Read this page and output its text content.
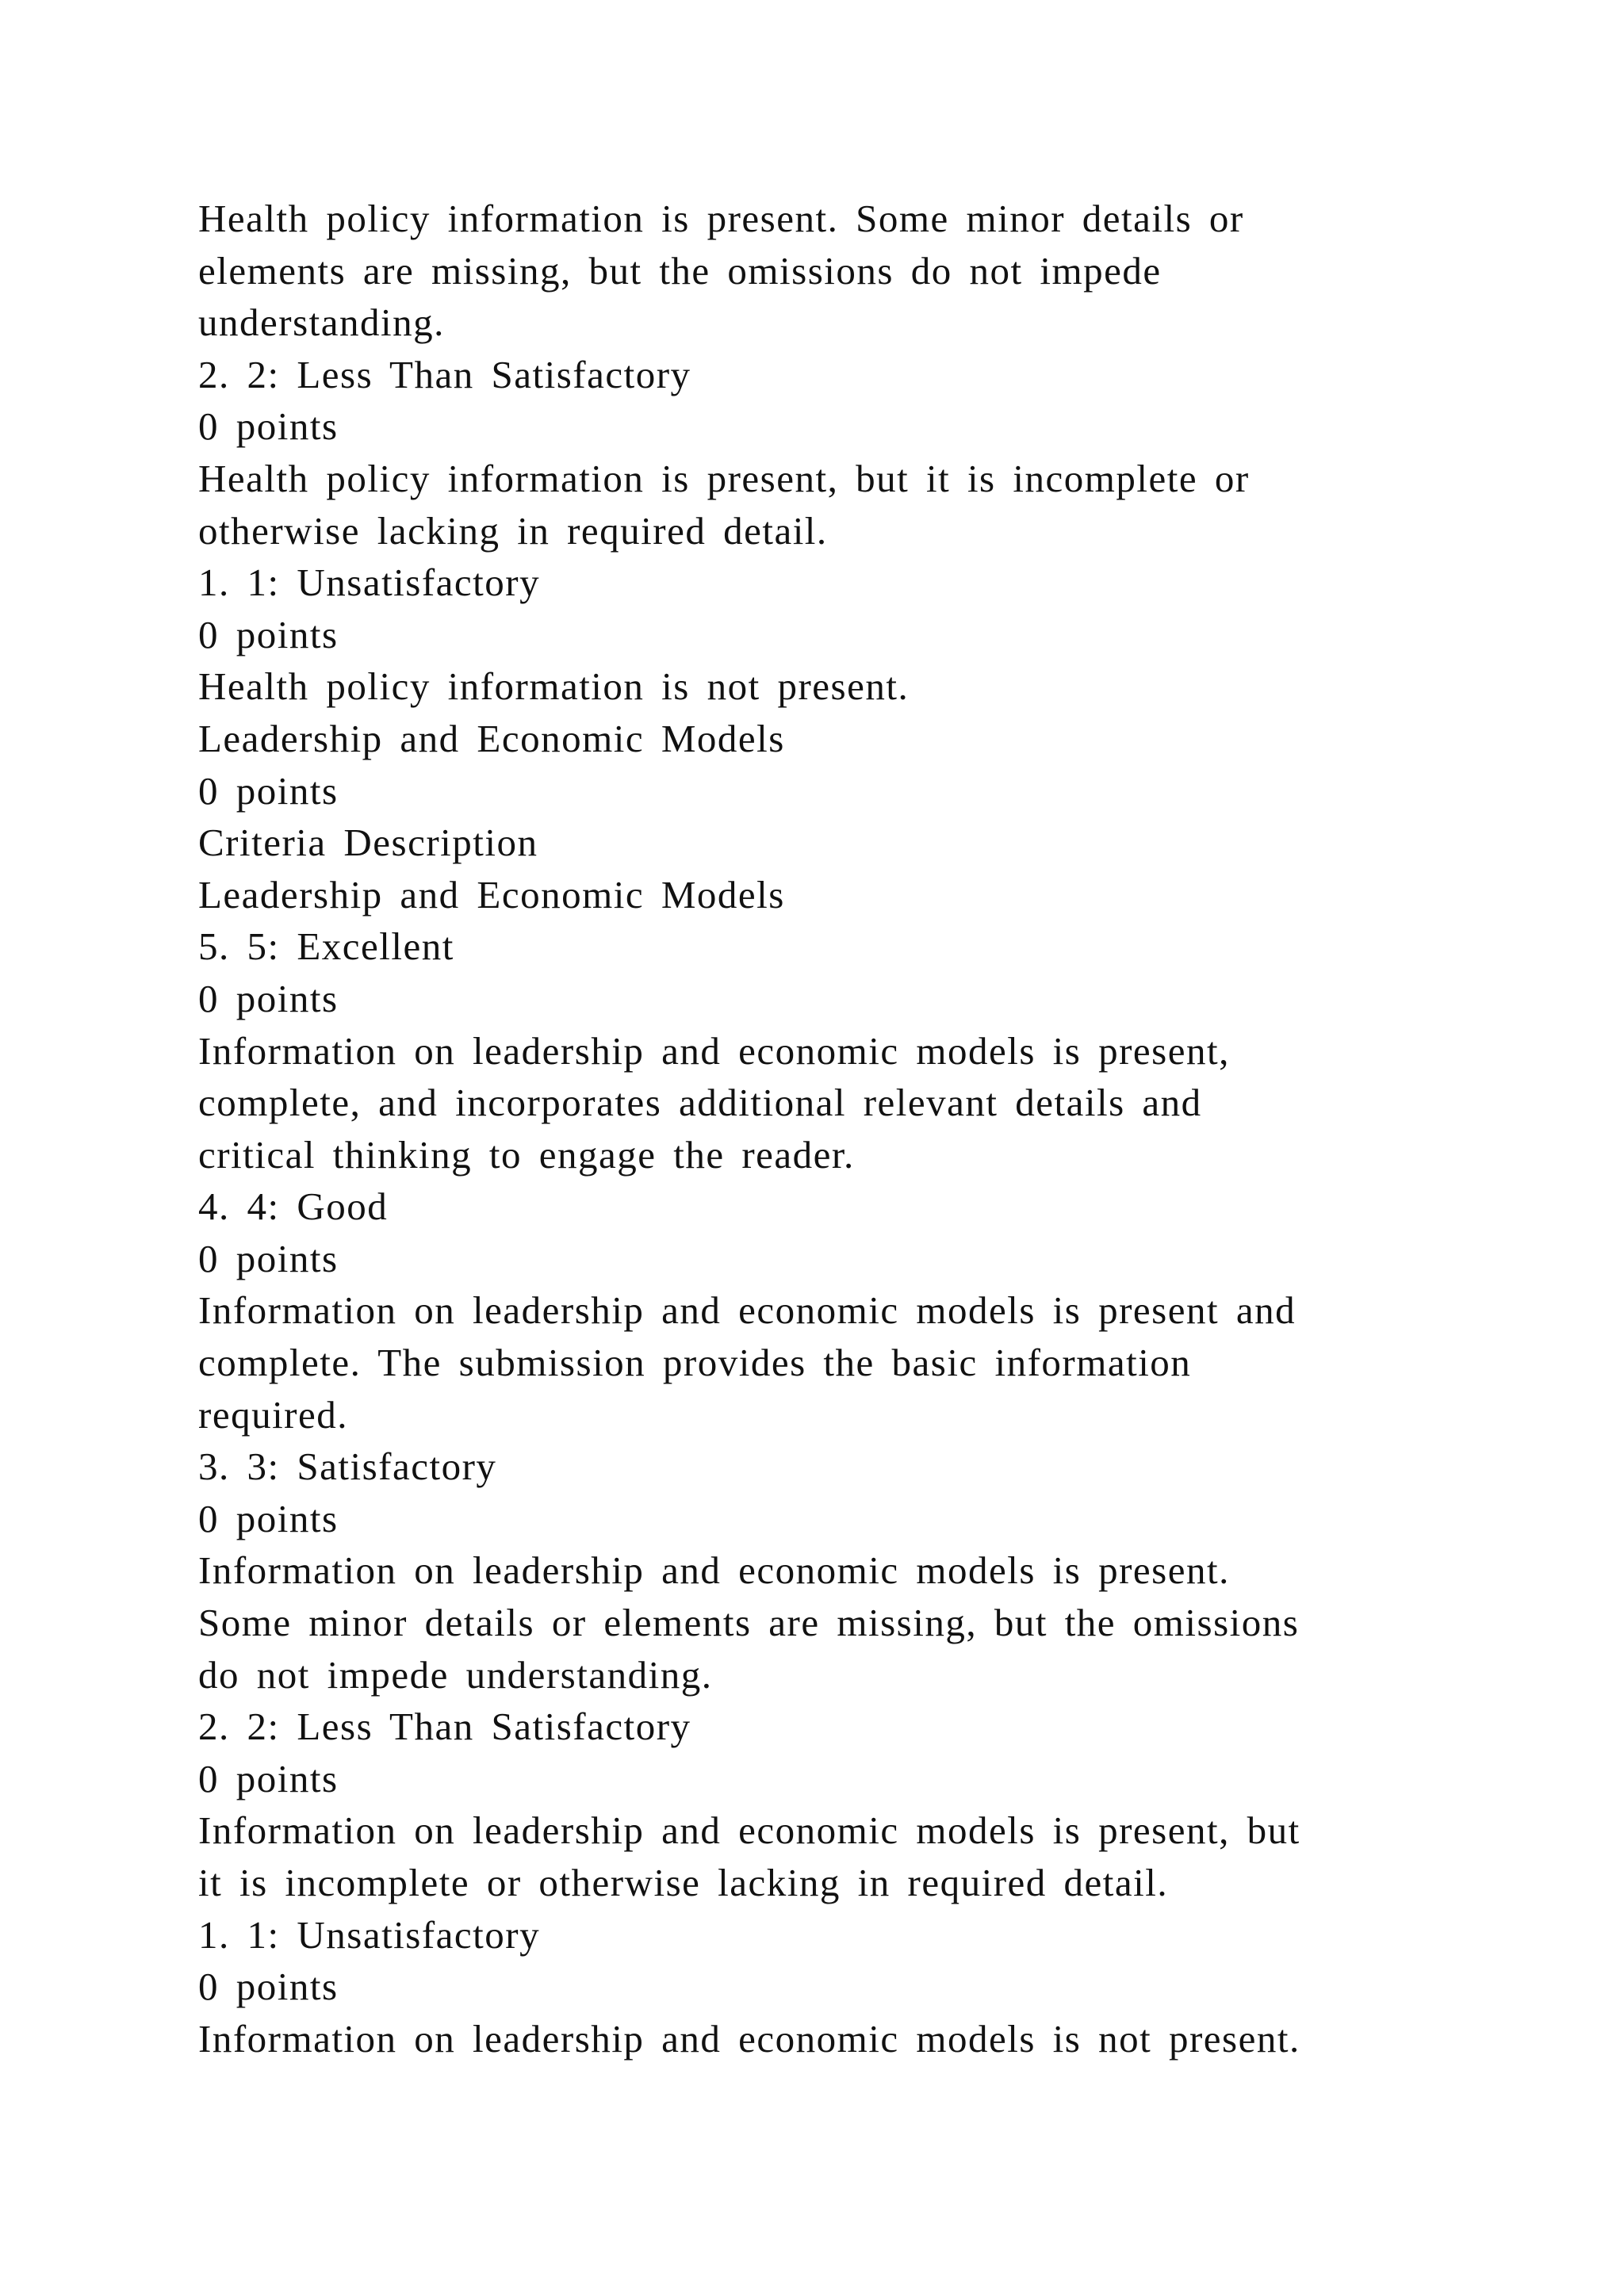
Health policy information is present. Some minor details or
elements are missing, but the omissions do not impede
understanding.
2. 2: Less Than Satisfactory
0 points
Health policy information is present, but it is incomplete or
otherwise lacking in required detail.
1. 1: Unsatisfactory
0 points
Health policy information is not present.
Leadership and Economic Models
0 points
Criteria Description
Leadership and Economic Models
5. 5: Excellent
0 points
Information on leadership and economic models is present,
complete, and incorporates additional relevant details and
critical thinking to engage the reader.
4. 4: Good
0 points
Information on leadership and economic models is present and
complete. The submission provides the basic information
required.
3. 3: Satisfactory
0 points
Information on leadership and economic models is present.
Some minor details or elements are missing, but the omissions
do not impede understanding.
2. 2: Less Than Satisfactory
0 points
Information on leadership and economic models is present, but
it is incomplete or otherwise lacking in required detail.
1. 1: Unsatisfactory
0 points
Information on leadership and economic models is not present.
